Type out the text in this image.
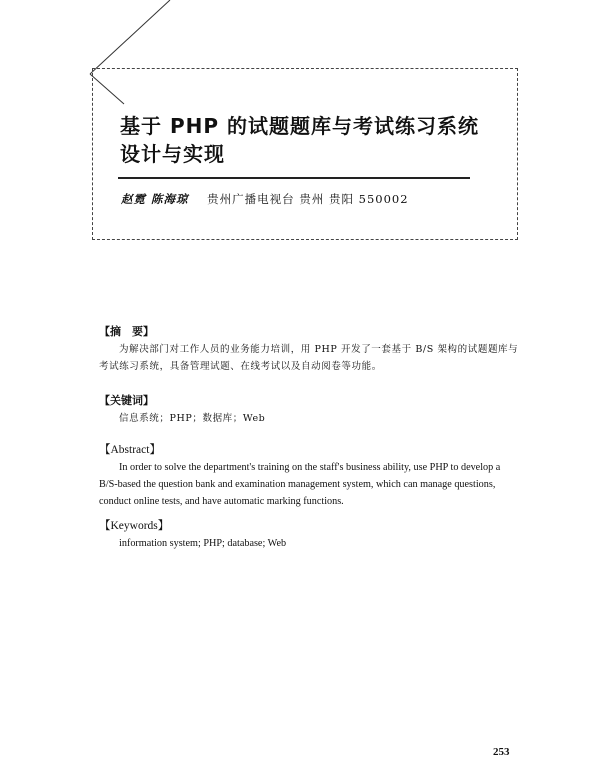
基于 PHP 的试题题库与考试练习系统
设计与实现
赵霓 陈海琼 贵州广播电视台 贵州 贵阳 550002
【摘　要】
为解决部门对工作人员的业务能力培训，用 PHP 开发了一套基于 B/S 架构的试题题库与考试练习系统，具备管理试题、在线考试以及自动阅卷等功能。
【关键词】
信息系统；PHP；数据库；Web
【Abstract】
In order to solve the department's training on the staff's business ability, use PHP to develop a B/S-based the question bank and examination management system, which can manage questions, conduct online tests, and have automatic marking functions.
【Keywords】
information system; PHP; database; Web
253
